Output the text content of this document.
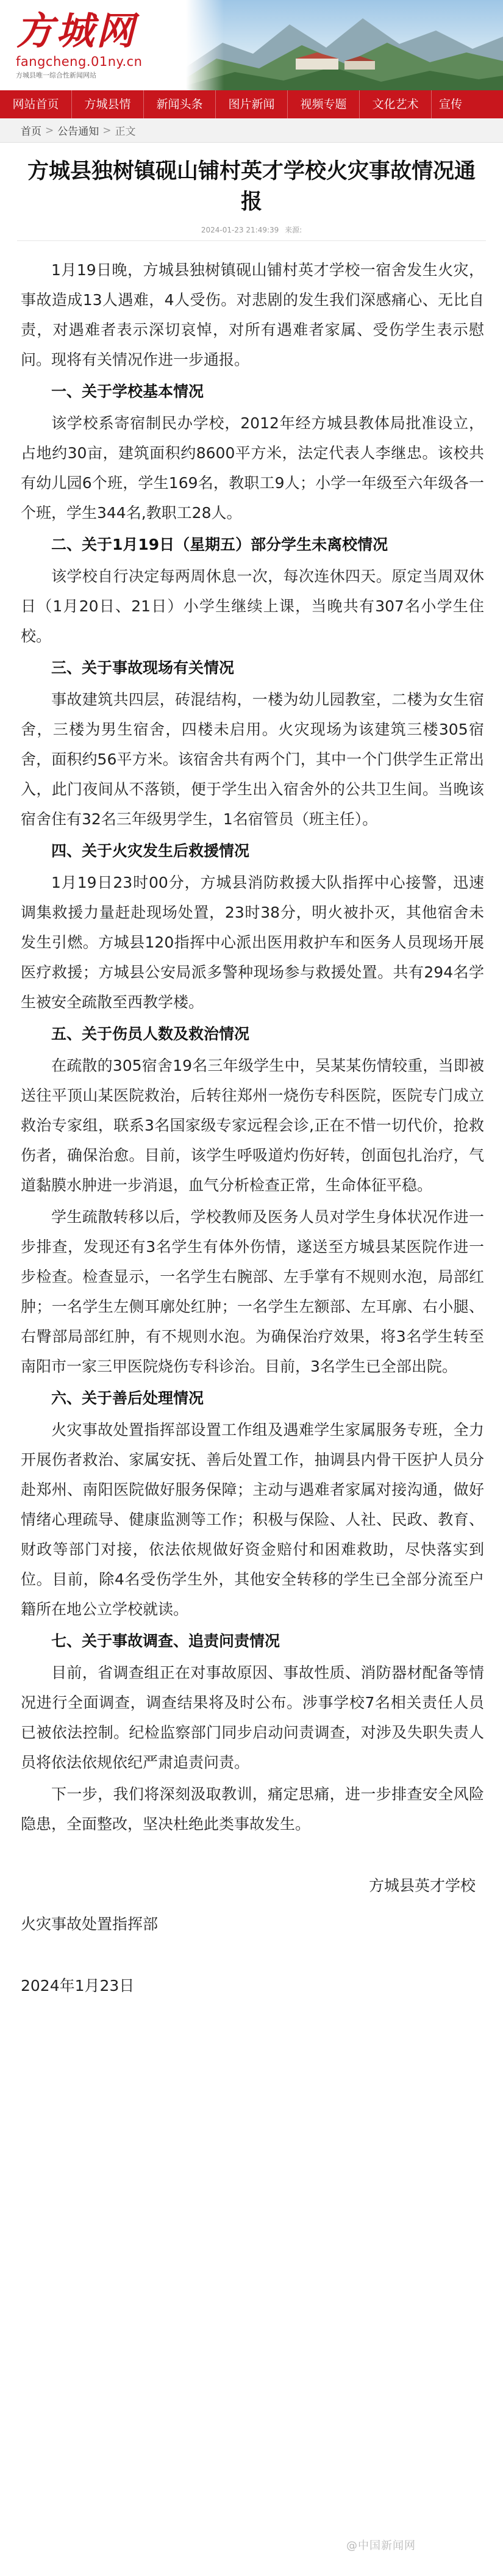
方城网
fangcheng.01ny.cn
方城县唯一综合性新闻网站
网站首页	方城县情	新闻头条	图片新闻	视频专题	文化艺术	宣传
首页 > 公告通知 > 正文
方城县独树镇砚山铺村英才学校火灾事故情况通报
2024-01-23 21:49:39 来源:

1月19日晚，方城县独树镇砚山铺村英才学校一宿舍发生火灾，事故造成13人遇难，4人受伤。对悲剧的发生我们深感痛心、无比自责，对遇难者表示深切哀悼，对所有遇难者家属、受伤学生表示慰问。现将有关情况作进一步通报。

一、关于学校基本情况

该学校系寄宿制民办学校，2012年经方城县教体局批准设立，占地约30亩，建筑面积约8600平方米，法定代表人李继忠。该校共有幼儿园6个班，学生169名，教职工9人；小学一年级至六年级各一个班，学生344名,教职工28人。

二、关于1月19日（星期五）部分学生未离校情况

该学校自行决定每两周休息一次，每次连休四天。原定当周双休日（1月20日、21日）小学生继续上课，当晚共有307名小学生住校。

三、关于事故现场有关情况

事故建筑共四层，砖混结构，一楼为幼儿园教室，二楼为女生宿舍，三楼为男生宿舍，四楼未启用。火灾现场为该建筑三楼305宿舍，面积约56平方米。该宿舍共有两个门，其中一个门供学生正常出入，此门夜间从不落锁，便于学生出入宿舍外的公共卫生间。当晚该宿舍住有32名三年级男学生，1名宿管员（班主任）。

四、关于火灾发生后救援情况

1月19日23时00分，方城县消防救援大队指挥中心接警，迅速调集救援力量赶赴现场处置，23时38分，明火被扑灭，其他宿舍未发生引燃。方城县120指挥中心派出医用救护车和医务人员现场开展医疗救援；方城县公安局派多警种现场参与救援处置。共有294名学生被安全疏散至西教学楼。

五、关于伤员人数及救治情况

在疏散的305宿舍19名三年级学生中，吴某某伤情较重，当即被送往平顶山某医院救治，后转往郑州一烧伤专科医院，医院专门成立救治专家组，联系3名国家级专家远程会诊,正在不惜一切代价，抢救伤者，确保治愈。目前，该学生呼吸道灼伤好转，创面包扎治疗，气道黏膜水肿进一步消退，血气分析检查正常，生命体征平稳。

学生疏散转移以后，学校教师及医务人员对学生身体状况作进一步排查，发现还有3名学生有体外伤情，遂送至方城县某医院作进一步检查。检查显示，一名学生右腕部、左手掌有不规则水泡，局部红肿；一名学生左侧耳廓处红肿；一名学生左额部、左耳廓、右小腿、右臀部局部红肿，有不规则水泡。为确保治疗效果，将3名学生转至南阳市一家三甲医院烧伤专科诊治。目前，3名学生已全部出院。

六、关于善后处理情况

火灾事故处置指挥部设置工作组及遇难学生家属服务专班，全力开展伤者救治、家属安抚、善后处置工作，抽调县内骨干医护人员分赴郑州、南阳医院做好服务保障；主动与遇难者家属对接沟通，做好情绪心理疏导、健康监测等工作；积极与保险、人社、民政、教育、财政等部门对接，依法依规做好资金赔付和困难救助，尽快落实到位。目前，除4名受伤学生外，其他安全转移的学生已全部分流至户籍所在地公立学校就读。

七、关于事故调查、追责问责情况

目前，省调查组正在对事故原因、事故性质、消防器材配备等情况进行全面调查，调查结果将及时公布。涉事学校7名相关责任人员已被依法控制。纪检监察部门同步启动问责调查，对涉及失职失责人员将依法依规依纪严肃追责问责。

下一步，我们将深刻汲取教训，痛定思痛，进一步排查安全风险隐患，全面整改，坚决杜绝此类事故发生。

方城县英才学校

火灾事故处置指挥部

2024年1月23日

@中国新闻网
